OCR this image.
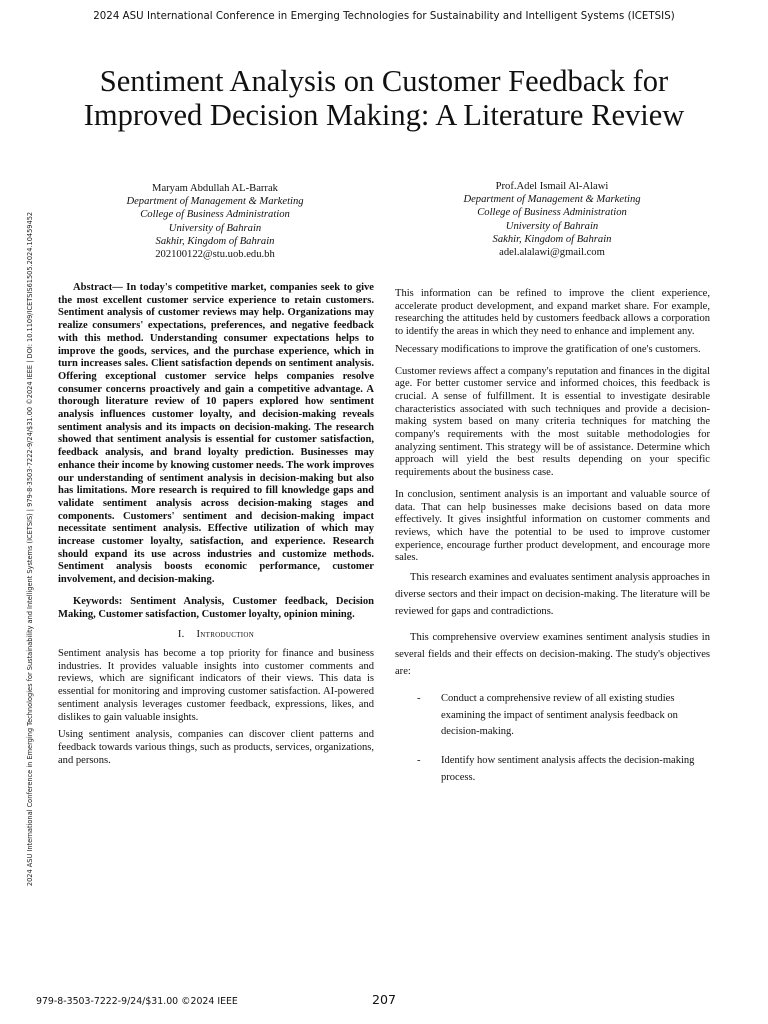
2024 ASU International Conference in Emerging Technologies for Sustainability and Intelligent Systems (ICETSIS)
2024 ASU International Conference in Emerging Technologies for Sustainability and Intelligent Systems (ICETSIS) | 979-8-3503-7222-9/24/$31.00 ©2024 IEEE | DOI: 10.1109/ICETSIS61505.2024.10459452
Sentiment Analysis on Customer Feedback for
Improved Decision Making: A Literature Review
Maryam Abdullah AL-Barrak
Department of Management & Marketing
College of Business Administration
University of Bahrain
Sakhir, Kingdom of Bahrain
202100122@stu.uob.edu.bh
Prof.Adel Ismail Al-Alawi
Department of Management & Marketing
College of Business Administration
University of Bahrain
Sakhir, Kingdom of Bahrain
adel.alalawi@gmail.com

Abstract— In today's competitive market, companies seek to give the most excellent customer service experience to retain customers. Sentiment analysis of customer reviews may help. Organizations may realize consumers' expectations, preferences, and negative feedback with this method. Understanding consumer expectations helps to improve the goods, services, and the purchase experience, which in turn increases sales. Client satisfaction depends on sentiment analysis. Offering exceptional customer service helps companies resolve consumer concerns proactively and gain a competitive advantage. A thorough literature review of 10 papers explored how sentiment analysis influences customer loyalty, and decision-making reveals sentiment analysis and its impacts on decision-making. The research showed that sentiment analysis is essential for customer satisfaction, feedback analysis, and brand loyalty prediction. Businesses may enhance their income by knowing customer needs. The work improves our understanding of sentiment analysis in decision-making but also has limitations. More research is required to fill knowledge gaps and validate sentiment analysis across decision-making stages and components. Customers' sentiment and decision-making impact necessitate sentiment analysis. Effective utilization of which may increase customer loyalty, satisfaction, and experience. Research should expand its use across industries and customize methods. Sentiment analysis boosts economic performance, customer involvement, and decision-making.

Keywords: Sentiment Analysis, Customer feedback, Decision Making, Customer satisfaction, Customer loyalty, opinion mining.

I. Introduction

Sentiment analysis has become a top priority for finance and business industries. It provides valuable insights into customer comments and reviews, which are significant indicators of their views. This data is essential for monitoring and improving customer satisfaction. AI-powered sentiment analysis leverages customer feedback, expressions, likes, and dislikes to gain valuable insights.

Using sentiment analysis, companies can discover client patterns and feedback towards various things, such as products, services, organizations, and persons.

This information can be refined to improve the client experience, accelerate product development, and expand market share. For example, researching the attitudes held by customers feedback allows a corporation to identify the areas in which they need to enhance and implement any.

Necessary modifications to improve the gratification of one's customers.

Customer reviews affect a company's reputation and finances in the digital age. For better customer service and informed choices, this feedback is crucial. A sense of fulfillment. It is essential to investigate desirable characteristics associated with such techniques and provide a decision-making system based on many criteria techniques for matching the company's requirements with the most suitable methodologies for analyzing sentiment. This strategy will be of assistance. Determine which approach will yield the best results depending on your specific requirements about the business case.

In conclusion, sentiment analysis is an important and valuable source of data. That can help businesses make decisions based on data more effectively. It gives insightful information on customer comments and reviews, which have the potential to be used to improve customer experience, encourage further product development, and encourage more sales.

This research examines and evaluates sentiment analysis approaches in diverse sectors and their impact on decision-making. The literature will be reviewed for gaps and contradictions.

This comprehensive overview examines sentiment analysis studies in several fields and their effects on decision-making. The study's objectives are:

- Conduct a comprehensive review of all existing studies examining the impact of sentiment analysis feedback on decision-making.
- Identify how sentiment analysis affects the decision-making process.
979-8-3503-7222-9/24/$31.00 ©2024 IEEE	207
